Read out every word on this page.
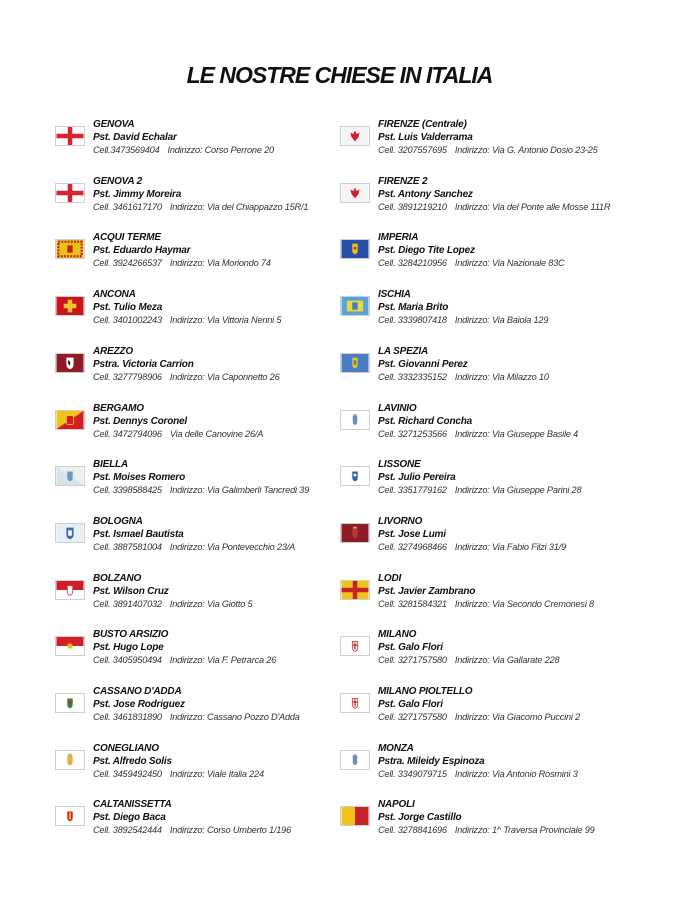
LE NOSTRE CHIESE IN ITALIA
GENOVA
Pst. David Echalar
Cell.3473569404 Indirizzo: Corso Perrone 20
GENOVA 2
Pst. Jimmy Moreira
Cell. 3461617170 Indirizzo: Via del Chiappazzo 15R/1
ACQUI TERME
Pst. Eduardo Haymar
Cell. 3924266537 Indirizzo: Via Moriondo 74
ANCONA
Pst. Tulio Meza
Cell. 3401002243 Indirizzo: Via Vittoria Nenni 5
AREZZO
Pstra. Victoria Carrion
Cell. 3277798906 Indirizzo: Via Caponnetto 26
BERGAMO
Pst. Dennys Coronel
Cell. 3472794096 Via delle Canovine 26/A
BIELLA
Pst. Moises Romero
Cell. 3398588425 Indirizzo: Via Galimberli Tancredi 39
BOLOGNA
Pst. Ismael Bautista
Cell. 3887581004 Indirizzo: Via Pontevecchio 23/A
BOLZANO
Pst. Wilson Cruz
Cell. 3891407032 Indirizzo: Via Giotto 5
BUSTO ARSIZIO
Pst. Hugo Lope
Cell. 3405950494 Indirizzo: Via F. Petrarca 26
CASSANO D'ADDA
Pst. Jose Rodriguez
Cell. 3461831890 Indirizzo: Cassano Pozzo D'Adda
CONEGLIANO
Pst. Alfredo Solis
Cell. 3459492450 Indirizzo: Viale Italia 224
CALTANISSETTA
Pst. Diego Baca
Cell. 3892542444 Indirizzo: Corso Umberto 1/196
FIRENZE (Centrale)
Pst. Luis Valderrama
Cell. 3207557695 Indirizzo: Via G. Antonio Dosio 23-25
FIRENZE 2
Pst. Antony Sanchez
Cell. 3891219210 Indirizzo: Via del Ponte alle Mosse 111R
IMPERIA
Pst. Diego Tite Lopez
Cell. 3284210956 Indirizzo: Via Nazionale 83C
ISCHIA
Pst. Maria Brito
Cell. 3339807418 Indirizzo: Via Baiola 129
LA SPEZIA
Pst. Giovanni Perez
Cell. 3332335152 Indirizzo: Via Milazzo 10
LAVINIO
Pst. Richard Concha
Cell. 3271253566 Indirizzo: Via Giuseppe Basile 4
LISSONE
Pst. Julio Pereira
Cell. 3351779162 Indirizzo: Via Giuseppe Parini 28
LIVORNO
Pst. Jose Lumi
Cell. 3274968466 Indirizzo: Via Fabio Filzi 31/9
LODI
Pst. Javier Zambrano
Cell. 3281584321 Indirizzo: Via Secondo Cremonesi 8
MILANO
Pst. Galo Flori
Cell. 3271757580 Indirizzo: Via Gallarate 228
MILANO PIOLTELLO
Pst. Galo Flori
Cell. 3271757580 Indirizzo: Via Giacomo Puccini 2
MONZA
Pstra. Mileidy Espinoza
Cell. 3349079715 Indirizzo: Via Antonio Rosmini 3
NAPOLI
Pst. Jorge Castillo
Cell. 3278841696 Indirizzo: 1^ Traversa Provinciale 99
